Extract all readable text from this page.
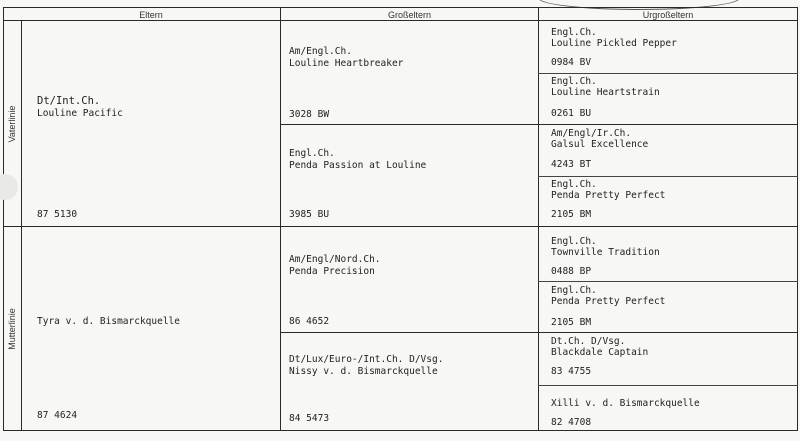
Eltern	Großeltern	Urgroßeltern
Vaterlinie
Mutterlinie
Dt/Int.Ch.
Louline Pacific
87 5130
Tyra v. d. Bismarckquelle
87 4624
Am/Engl.Ch.
Louline Heartbreaker
3028 BW
Engl.Ch.
Penda Passion at Louline
3985 BU
Am/Engl/Nord.Ch.
Penda Precision
86 4652
Dt/Lux/Euro-/Int.Ch. D/Vsg.
Nissy v. d. Bismarckquelle
84 5473
Engl.Ch.
Louline Pickled Pepper
0984 BV
Engl.Ch.
Louline Heartstrain
0261 BU
Am/Engl/Ir.Ch.
Galsul Excellence
4243 BT
Engl.Ch.
Penda Pretty Perfect
2105 BM
Engl.Ch.
Townville Tradition
0488 BP
Engl.Ch.
Penda Pretty Perfect
2105 BM
Dt.Ch. D/Vsg.
Blackdale Captain
83 4755
Xilli v. d. Bismarckquelle
82 4708
